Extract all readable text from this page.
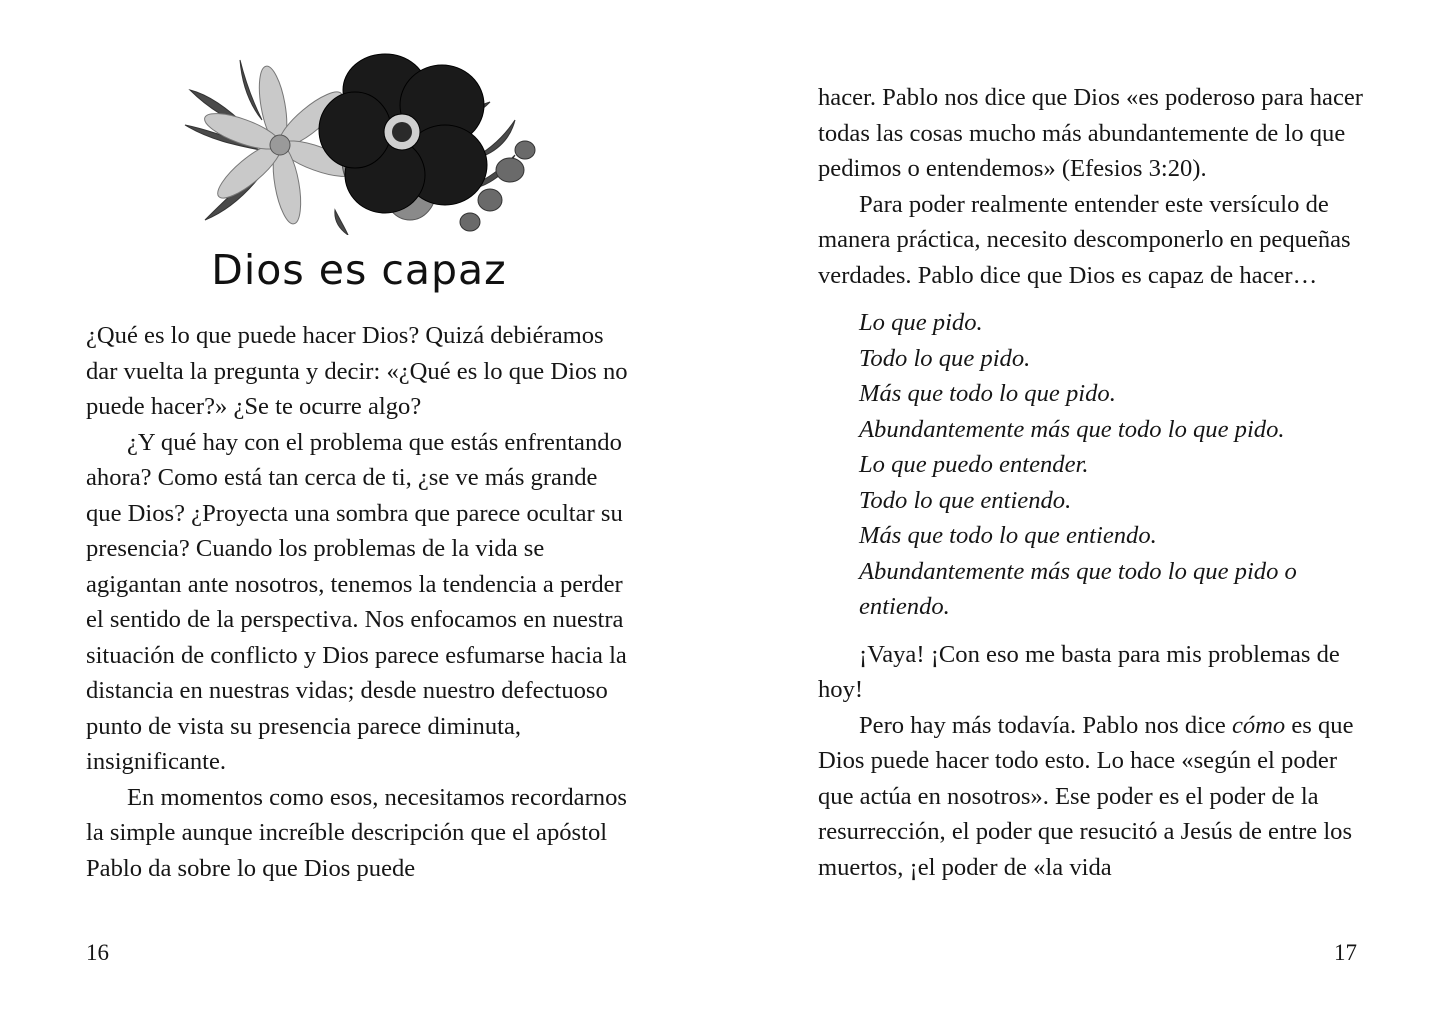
Dios es capaz

¿Qué es lo que puede hacer Dios? Quizá debiéramos dar vuelta la pregunta y decir: «¿Qué es lo que Dios no puede hacer?» ¿Se te ocurre algo?

¿Y qué hay con el problema que estás enfrentando ahora? Como está tan cerca de ti, ¿se ve más grande que Dios? ¿Proyecta una sombra que parece ocultar su presencia? Cuando los problemas de la vida se agigantan ante nosotros, tenemos la tendencia a perder el sentido de la perspectiva. Nos enfocamos en nuestra situación de conflicto y Dios parece esfumarse hacia la distancia en nuestras vidas; desde nuestro defectuoso punto de vista su presencia parece diminuta, insignificante.

En momentos como esos, necesitamos recordarnos la simple aunque increíble descripción que el apóstol Pablo da sobre lo que Dios puede

16

hacer. Pablo nos dice que Dios «es poderoso para hacer todas las cosas mucho más abundantemente de lo que pedimos o entendemos» (Efesios 3:20).

Para poder realmente entender este versículo de manera práctica, necesito descomponerlo en pequeñas verdades. Pablo dice que Dios es capaz de hacer…

Lo que pido.

Todo lo que pido.

Más que todo lo que pido.

Abundantemente más que todo lo que pido.

Lo que puedo entender.

Todo lo que entiendo.

Más que todo lo que entiendo.

Abundantemente más que todo lo que pido o

entiendo.

¡Vaya! ¡Con eso me basta para mis problemas de hoy!

Pero hay más todavía. Pablo nos dice cómo es que Dios puede hacer todo esto. Lo hace «según el poder que actúa en nosotros». Ese poder es el poder de la resurrección, el poder que resucitó a Jesús de entre los muertos, ¡el poder de «la vida

17
